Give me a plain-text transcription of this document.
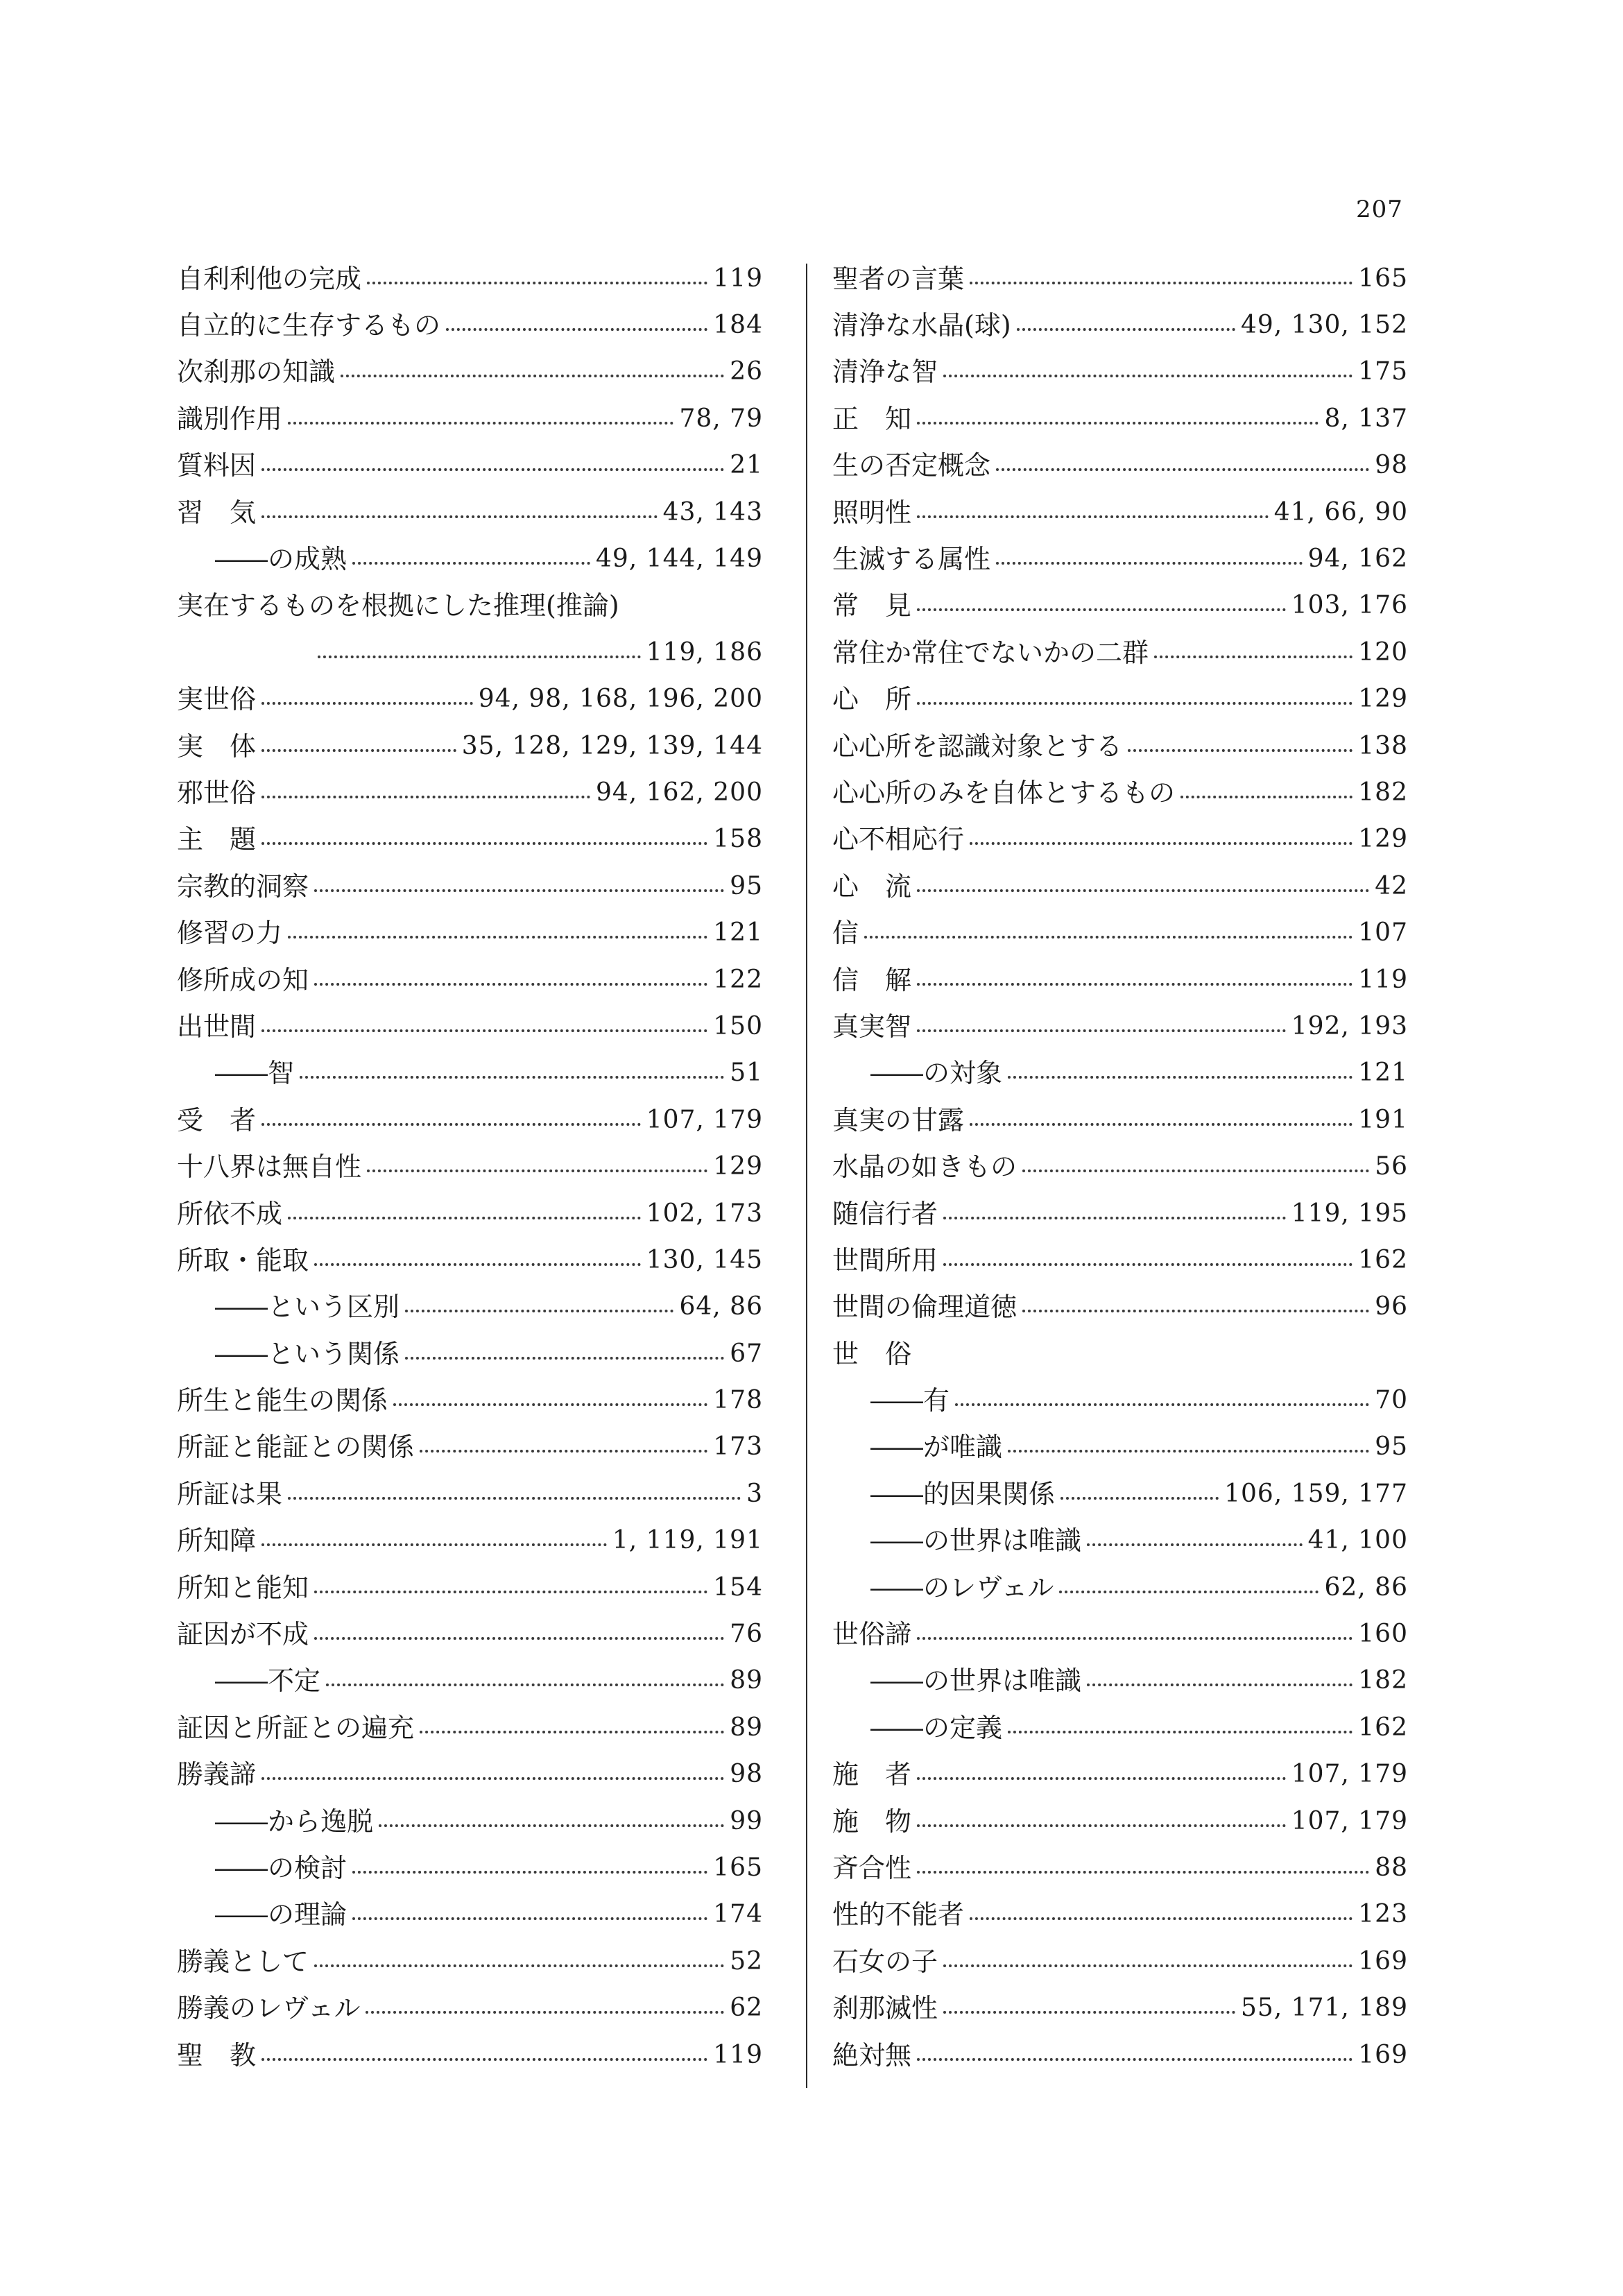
207
自利利他の完成	119
自立的に生存するもの	184
次刹那の知識	26
識別作用	78, 79
質料因	21
習　気	43, 143
――の成熟	49, 144, 149
実在するものを根拠にした推理(推論)
119, 186
実世俗	94, 98, 168, 196, 200
実　体	35, 128, 129, 139, 144
邪世俗	94, 162, 200
主　題	158
宗教的洞察	95
修習の力	121
修所成の知	122
出世間	150
――智	51
受　者	107, 179
十八界は無自性	129
所依不成	102, 173
所取・能取	130, 145
――という区別	64, 86
――という関係	67
所生と能生の関係	178
所証と能証との関係	173
所証は果	3
所知障	1, 119, 191
所知と能知	154
証因が不成	76
――不定	89
証因と所証との遍充	89
勝義諦	98
――から逸脱	99
――の検討	165
――の理論	174
勝義として	52
勝義のレヴェル	62
聖　教	119
聖者の言葉	165
清浄な水晶(球)	49, 130, 152
清浄な智	175
正　知	8, 137
生の否定概念	98
照明性	41, 66, 90
生滅する属性	94, 162
常　見	103, 176
常住か常住でないかの二群	120
心　所	129
心心所を認識対象とする	138
心心所のみを自体とするもの	182
心不相応行	129
心　流	42
信	107
信　解	119
真実智	192, 193
――の対象	121
真実の甘露	191
水晶の如きもの	56
随信行者	119, 195
世間所用	162
世間の倫理道徳	96
世　俗
――有	70
――が唯識	95
――的因果関係	106, 159, 177
――の世界は唯識	41, 100
――のレヴェル	62, 86
世俗諦	160
――の世界は唯識	182
――の定義	162
施　者	107, 179
施　物	107, 179
斉合性	88
性的不能者	123
石女の子	169
刹那滅性	55, 171, 189
絶対無	169
